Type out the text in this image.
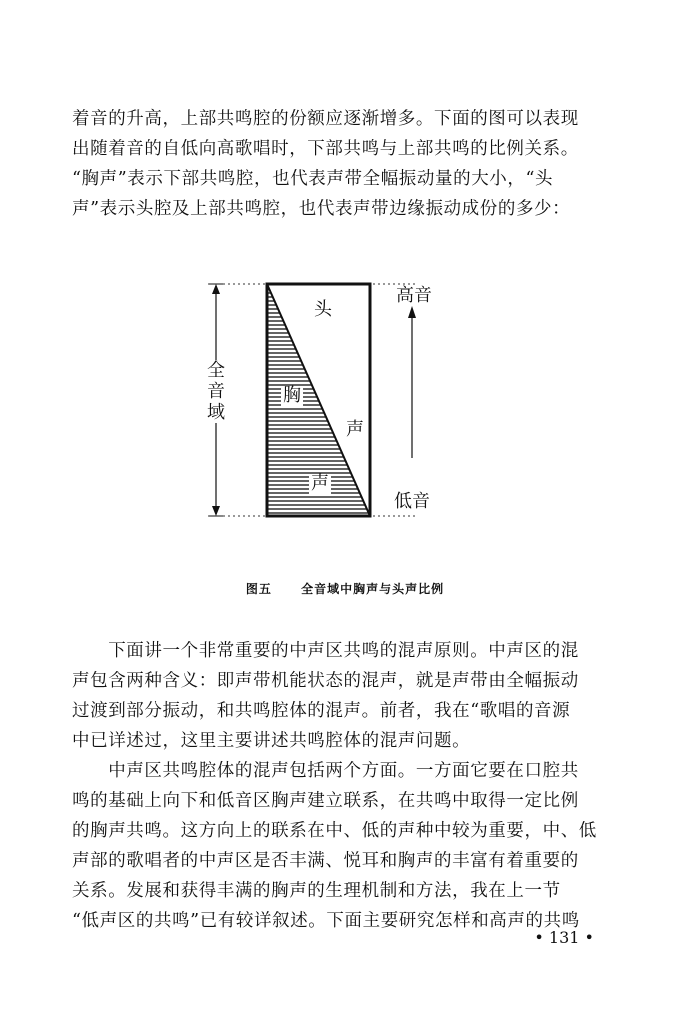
着音的升高，上部共鸣腔的份额应逐渐增多。下面的图可以表现
出随着音的自低向高歌唱时，下部共鸣与上部共鸣的比例关系。
“胸声”表示下部共鸣腔，也代表声带全幅振动量的大小，“头
声”表示头腔及上部共鸣腔，也代表声带边缘振动成份的多少：
全音域
头
声
胸
声
高音
低音
图五 全音域中胸声与头声比例
　　下面讲一个非常重要的中声区共鸣的混声原则。中声区的混
声包含两种含义：即声带机能状态的混声，就是声带由全幅振动
过渡到部分振动，和共鸣腔体的混声。前者，我在“歌唱的音源
中已详述过，这里主要讲述共鸣腔体的混声问题。
　　中声区共鸣腔体的混声包括两个方面。一方面它要在口腔共
鸣的基础上向下和低音区胸声建立联系，在共鸣中取得一定比例
的胸声共鸣。这方向上的联系在中、低的声种中较为重要，中、低
声部的歌唱者的中声区是否丰满、悦耳和胸声的丰富有着重要的
关系。发展和获得丰满的胸声的生理机制和方法，我在上一节
“低声区的共鸣”已有较详叙述。下面主要研究怎样和高声的共鸣
• 131 •
